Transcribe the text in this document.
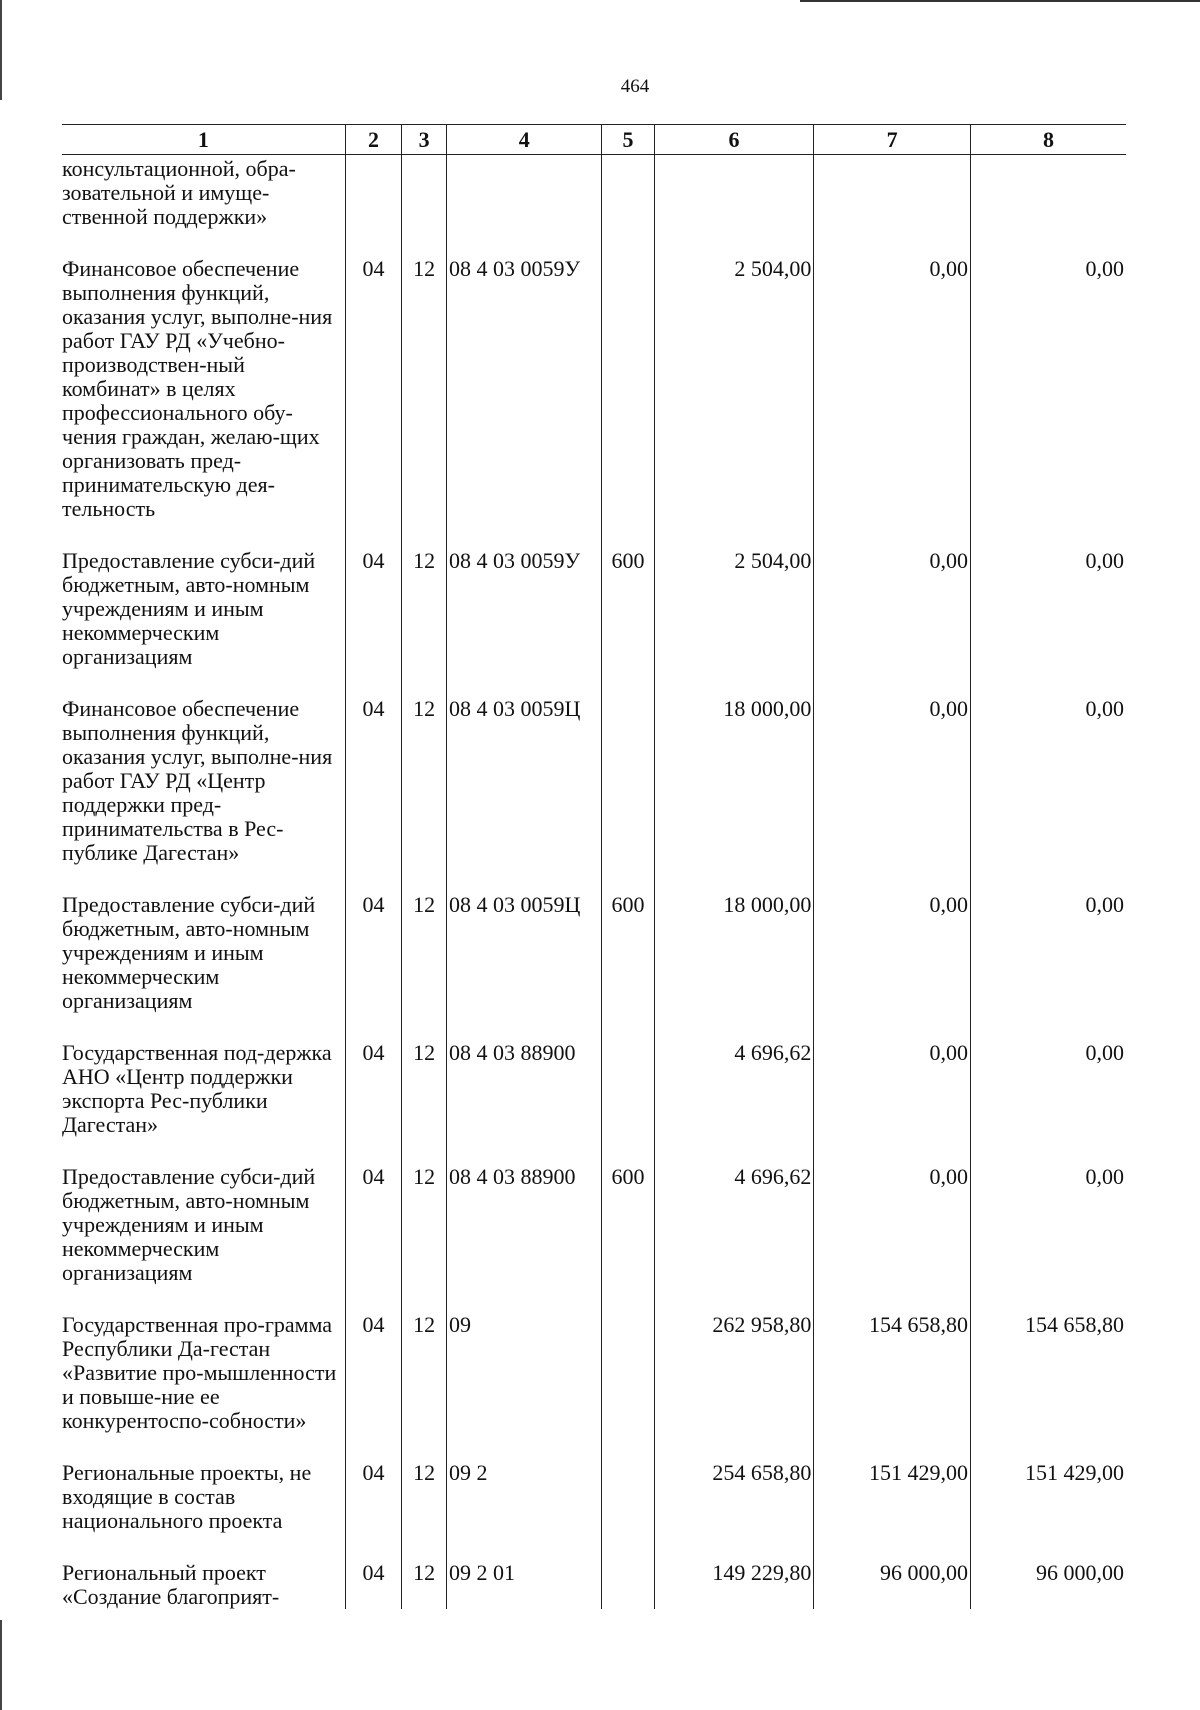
464
1	2	3	4	5	6	7	8
консультационной, обра-зовательной и имуще-ственной поддержки»							
Финансовое обеспечение выполнения функций, оказания услуг, выполне-ния работ ГАУ РД «Учебно-производствен-ный комбинат» в целях профессионального обу-чения граждан, желаю-щих организовать пред-принимательскую дея-тельность	04	12	08 4 03 0059У		2 504,00	0,00	0,00
Предоставление субси-дий бюджетным, авто-номным учреждениям и иным некоммерческим организациям	04	12	08 4 03 0059У	600	2 504,00	0,00	0,00
Финансовое обеспечение выполнения функций, оказания услуг, выполне-ния работ ГАУ РД «Центр поддержки пред-принимательства в Рес-публике Дагестан»	04	12	08 4 03 0059Ц		18 000,00	0,00	0,00
Предоставление субси-дий бюджетным, авто-номным учреждениям и иным некоммерческим организациям	04	12	08 4 03 0059Ц	600	18 000,00	0,00	0,00
Государственная под-держка АНО «Центр поддержки экспорта Рес-публики Дагестан»	04	12	08 4 03 88900		4 696,62	0,00	0,00
Предоставление субси-дий бюджетным, авто-номным учреждениям и иным некоммерческим организациям	04	12	08 4 03 88900	600	4 696,62	0,00	0,00
Государственная про-грамма Республики Да-гестан «Развитие про-мышленности и повыше-ние ее конкурентоспо-собности»	04	12	09		262 958,80	154 658,80	154 658,80
Региональные проекты, не входящие в состав национального проекта	04	12	09 2		254 658,80	151 429,00	151 429,00
Региональный проект «Создание благоприят-	04	12	09 2 01		149 229,80	96 000,00	96 000,00
